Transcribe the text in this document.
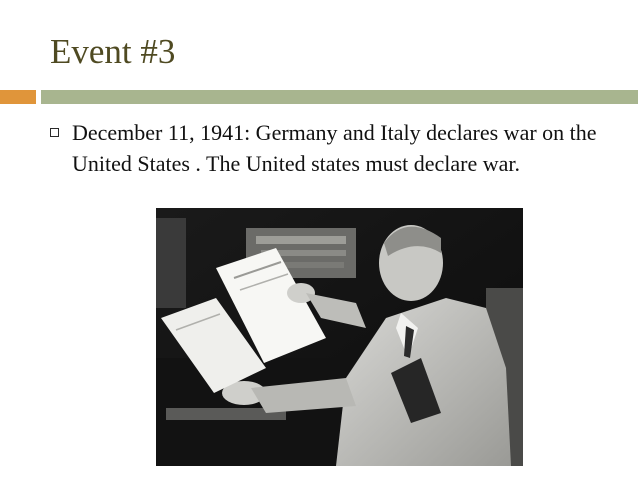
Event #3
December 11, 1941: Germany and Italy declares war on the United States . The United states must declare war.
